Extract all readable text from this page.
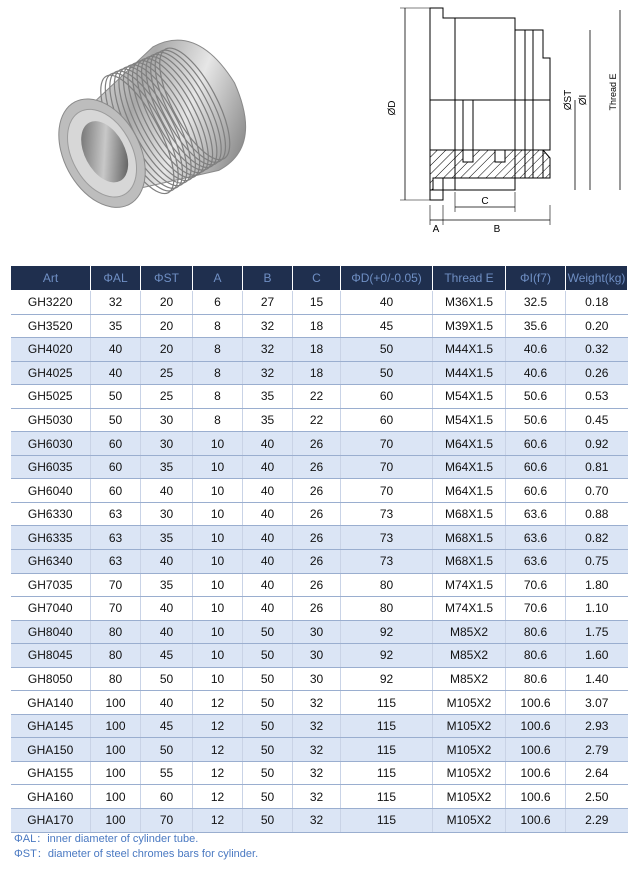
ØD	ØST ØI Thread E
A	B
C
Art	ΦAL	ΦST	A	B	C	ΦD(+0/-0.05)	Thread E	ΦI(f7)	Weight(kg)
GH3220	32	20	6	27	15	40	M36X1.5	32.5	0.18
GH3520	35	20	8	32	18	45	M39X1.5	35.6	0.20
GH4020	40	20	8	32	18	50	M44X1.5	40.6	0.32
GH4025	40	25	8	32	18	50	M44X1.5	40.6	0.26
GH5025	50	25	8	35	22	60	M54X1.5	50.6	0.53
GH5030	50	30	8	35	22	60	M54X1.5	50.6	0.45
GH6030	60	30	10	40	26	70	M64X1.5	60.6	0.92
GH6035	60	35	10	40	26	70	M64X1.5	60.6	0.81
GH6040	60	40	10	40	26	70	M64X1.5	60.6	0.70
GH6330	63	30	10	40	26	73	M68X1.5	63.6	0.88
GH6335	63	35	10	40	26	73	M68X1.5	63.6	0.82
GH6340	63	40	10	40	26	73	M68X1.5	63.6	0.75
GH7035	70	35	10	40	26	80	M74X1.5	70.6	1.80
GH7040	70	40	10	40	26	80	M74X1.5	70.6	1.10
GH8040	80	40	10	50	30	92	M85X2	80.6	1.75
GH8045	80	45	10	50	30	92	M85X2	80.6	1.60
GH8050	80	50	10	50	30	92	M85X2	80.6	1.40
GHA140	100	40	12	50	32	115	M105X2	100.6	3.07
GHA145	100	45	12	50	32	115	M105X2	100.6	2.93
GHA150	100	50	12	50	32	115	M105X2	100.6	2.79
GHA155	100	55	12	50	32	115	M105X2	100.6	2.64
GHA160	100	60	12	50	32	115	M105X2	100.6	2.50
GHA170	100	70	12	50	32	115	M105X2	100.6	2.29
ΦAL：inner diameter of cylinder tube.
ΦST：diameter of steel chromes bars for cylinder.
